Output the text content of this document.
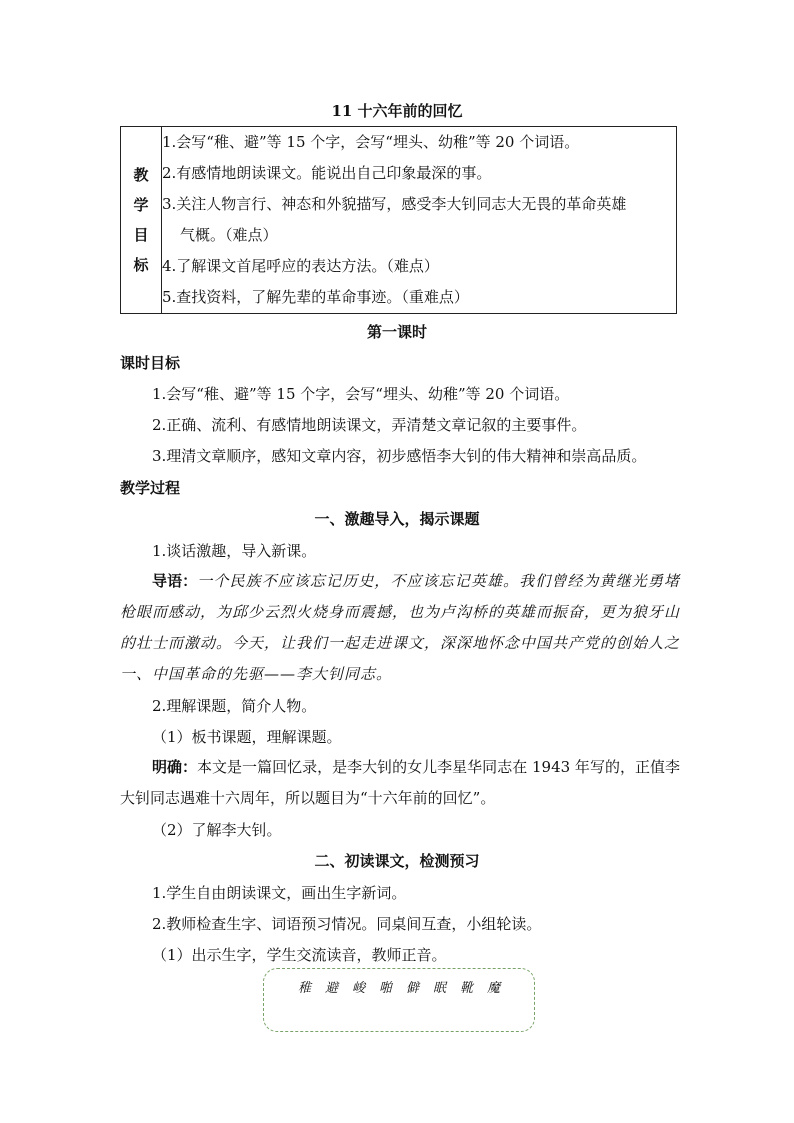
11 十六年前的回忆
教
学
目
标

1.会写“稚、避”等 15 个字，会写“埋头、幼稚”等 20 个词语。
2.有感情地朗读课文。能说出自己印象最深的事。
3.关注人物言行、神态和外貌描写，感受李大钊同志大无畏的革命英雄
气概。（难点）
4.了解课文首尾呼应的表达方法。（难点）
5.查找资料，了解先辈的革命事迹。（重难点）
第一课时
课时目标
1.会写“稚、避”等 15 个字，会写“埋头、幼稚”等 20 个词语。
2.正确、流利、有感情地朗读课文，弄清楚文章记叙的主要事件。
3.理清文章顺序，感知文章内容，初步感悟李大钊的伟大精神和崇高品质。
教学过程
一、激趣导入，揭示课题
1.谈话激趣，导入新课。
导语：一个民族不应该忘记历史，不应该忘记英雄。我们曾经为黄继光勇堵枪眼而感动，为邱少云烈火烧身而震撼，也为卢沟桥的英雄而振奋，更为狼牙山的壮士而激动。今天，让我们一起走进课文，深深地怀念中国共产党的创始人之一、中国革命的先驱——李大钊同志。
2.理解课题，简介人物。
（1）板书课题，理解课题。
明确：本文是一篇回忆录，是李大钊的女儿李星华同志在 1943 年写的，正值李大钊同志遇难十六周年，所以题目为“十六年前的回忆”。
（2）了解李大钊。
二、初读课文，检测预习
1.学生自由朗读课文，画出生字新词。
2.教师检查生字、词语预习情况。同桌间互查，小组轮读。
（1）出示生字，学生交流读音，教师正音。
稚 避 峻 啪 僻 眠 靴 魔
